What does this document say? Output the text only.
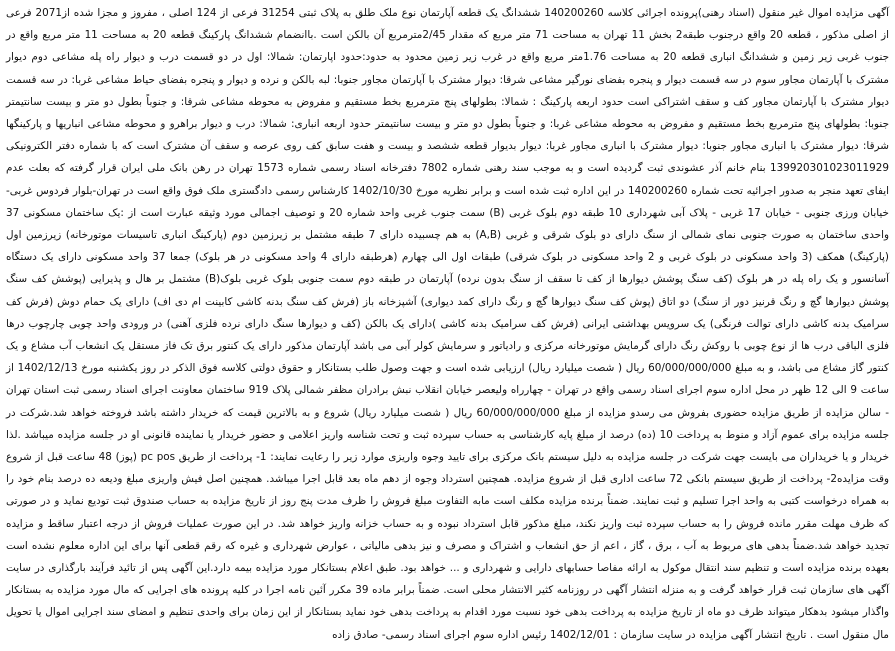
آگهی مزایده اموال غیر منقول (اسناد رهنی)پرونده اجرائی کلاسه 140200260 ششدانگ یک قطعه آپارتمان نوع ملک طلق به پلاک ثبتی 31254 فرعی از 124 اصلی ، مفروز و مجزا شده از2071 فرعی از اصلی مذکور ، قطعه 20 واقع درجنوب طبقه2 بخش 11 تهران به مساحت 71 متر مربع که مقدار 2/45مترمربع آن بالکن است .باانضمام ششدانگ پارکینگ قطعه 20 به مساحت 11 متر مربع واقع در جنوب غربی زیر زمین و ششدانگ انباری قطعه 20 به مساحت 1.76متر مربع واقع در غرب زیر زمین محدود به حدود:حدود اپارتمان: شمالا: اول در دو قسمت درب و دیوار راه پله مشاعی دوم دیوار مشترک با آپارتمان مجاور سوم در سه قسمت دیوار و پنجره بفضای نورگیر مشاعی شرقا: دیوار مشترک با آپارتمان مجاور جنوبا: لبه بالکن و نرده و دیوار و پنجره بفضای حیاط مشاعی غربا: در سه قسمت دیوار مشترک با آپارتمان مجاور کف و سقف اشتراکی است حدود اربعه پارکینگ : شمالا: بطولهای پنج مترمربع بخط مستقیم و مفروض به محوطه مشاعی شرقا: و جنوباً بطول دو متر و بیست سانتیمتر جنوبا: بطولهای پنج مترمربع بخط مستقیم و مفروض به محوطه مشاعی غربا: و جنوباً بطول دو متر و بیست سانتیمتر حدود اربعه انباری: شمالا: درب و دیوار براهرو و محوطه مشاعی انباریها و پارکینگها شرقا: دیوار مشترک با انباری مجاور جنوبا: دیوار مشترک با انباری مجاور غربا: دیوار بدیوار قطعه ششصد و بیست و هفت سابق کف روی عرصه و سقف آن مشترک است که با شماره دفتر الکترونیکی 139920301023011929 بنام خانم آذر عشوندی ثبت گردیده است و به موجب سند رهنی شماره 7802 دفترخانه اسناد رسمی شماره 1573 تهران در رهن بانک ملی ایران قرار گرفته که بعلت عدم ایفای تعهد منجر به صدور اجرائیه تحت شماره 140200260 در این اداره ثبت شده است و برابر نظریه مورخ 1402/10/30 کارشناس رسمی دادگستری ملک فوق واقع است در تهران-بلوار فردوس غربی- خیابان ورزی جنوبی - خیابان 17 غربی - پلاک آبی شهرداری 10 طبقه دوم بلوک غربی (B) سمت جنوب غربی واحد شماره 20 و توصیف اجمالی مورد وثیقه عبارت است از :یک ساختمان مسکونی 37 واحدی ساختمان به صورت جنوبی نمای شمالی از سنگ دارای دو بلوک شرقی و غربی (A,B) به هم چسبیده دارای 7 طبقه مشتمل بر زیرزمین دوم (پارکینگ انباری تاسیسات موتورخانه) زیرزمین اول (پارکینگ) همکف (3 واحد مسکونی در بلوک غربی و 2 واحد مسکونی در بلوک شرقی) طبقات اول الی چهارم (هرطبقه دارای 4 واحد مسکونی در هر بلوک) جمعا 37 واحد مسکونی دارای یک دستگاه آسانسور و یک راه پله در هر بلوک (کف سنگ پوشش دیوارها از کف تا سقف از سنگ بدون نرده) آپارتمان در طبقه دوم سمت جنوبی بلوک غربی بلوک(B) مشتمل بر هال و پذیرایی (پوشش کف سنگ پوشش دیوارها گچ و رنگ قرنیز دور از سنگ) دو اتاق (پوش کف سنگ دیوارها گچ و رنگ دارای کمد دیواری) آشپزخانه باز (فرش کف سنگ بدنه کاشی کابینت ام دی اف) دارای یک حمام دوش (فرش کف سرامیک بدنه کاشی دارای توالت فرنگی) یک سرویس بهداشتی ایرانی (فرش کف سرامیک بدنه کاشی )دارای یک بالکن (کف و دیوارها سنگ دارای نرده فلزی آهنی) در ورودی واحد چوبی چارچوب درها فلزی الباقی درب ها از نوع چوبی با روکش رنگ دارای گرمایش موتورخانه مرکزی و رادیاتور و سرمایش کولر آبی می باشد آپارتمان مذکور دارای یک کنتور برق تک فاز مستقل یک انشعاب آب مشاع و یک کنتور گاز مشاع می باشد، و به مبلغ 60/000/000/000 ریال ( شصت میلیارد ریال) ارزیابی شده است و جهت وصول طلب بستانکار و حقوق دولتی کلاسه فوق الذکر در روز یکشنبه مورخ 1402/12/13 از ساعت 9 الی 12 ظهر در محل اداره سوم اجرای اسناد رسمی واقع در تهران - چهارراه ولیعصر خیابان انقلاب نبش برادران مظفر شمالی پلاک 919 ساختمان معاونت اجرای اسناد رسمی ثبت استان تهران - سالن مزایده از طریق مزایده حضوری بفروش می رسدو مزایده از مبلغ 60/000/000/000 ریال ( شصت میلیارد ریال) شروع و به بالاترین قیمت که خریدار داشته باشد فروخته خواهد شد.شرکت در جلسه مزایده برای عموم آزاد و منوط به پرداخت 10 (ده) درصد از مبلغ پایه کارشناسی به حساب سپرده ثبت و تحت شناسه واریز اعلامی و حضور خریدار یا نماینده قانونی او در جلسه مزایده میباشد .لذا خریدار و یا خریداران می بایست جهت شرکت در جلسه مزایده به دلیل سیستم بانک مرکزی برای تایید وجوه واریزی موارد زیر را رعایت نمایند: 1- پرداخت از طریق pc pos (پوز) 48 ساعت قبل از شروع وقت مزایده2- پرداخت از طریق سیستم بانکی 72 ساعت اداری قبل از شروع مزایده. همچنین استرداد وجوه از دهم ماه بعد قابل اجرا میباشد. همچنین اصل فیش واریزی مبلغ ودیعه ده درصد بنام خود را به همراه درخواست کتبی به واحد اجرا تسلیم و ثبت نمایند. ضمناً برنده مزایده مکلف است مابه التفاوت مبلغ فروش را ظرف مدت پنج روز از تاریخ مزایده به حساب صندوق ثبت تودیع نماید و در صورتی که ظرف مهلت مقرر مانده فروش را به حساب سپرده ثبت واریز نکند، مبلغ مذکور قابل استرداد نبوده و به حساب خزانه واریز خواهد شد. در این صورت عملیات فروش از درجه اعتبار ساقط و مزایده تجدید خواهد شد.ضمناً بدهی های مربوط به آب ، برق ، گاز ، اعم از حق انشعاب و اشتراک و مصرف و نیز بدهی مالیاتی ، عوارض شهرداری و غیره که رقم قطعی آنها برای این اداره معلوم نشده است بعهده برنده مزایده است و تنظیم سند انتقال موکول به ارائه مفاصا حسابهای دارایی و شهرداری و ... خواهد بود. طبق اعلام بستانکار مورد مزایده بیمه دارد.این آگهی پس از تائید فرآیند بارگذاری در سایت آگهی های سازمان ثبت قرار خواهد گرفت و به منزله انتشار آگهی در روزنامه کثیر الانتشار محلی است. ضمناً برابر ماده 39 مکرر آئین نامه اجرا در کلیه پرونده های اجرایی که مال مورد مزایده به بستانکار واگذار میشود بدهکار میتواند ظرف دو ماه از تاریخ مزایده به پرداخت بدهی خود نسبت مورد اقدام به پرداخت بدهی خود نماید بستانکار از این زمان برای واحدی تنظیم و امضای سند اجرایی اموال یا تحویل مال منقول است . تاریخ انتشار آگهی مزایده در سایت سازمان : 1402/12/01 رئیس اداره سوم اجرای اسناد رسمی- صادق زاده
